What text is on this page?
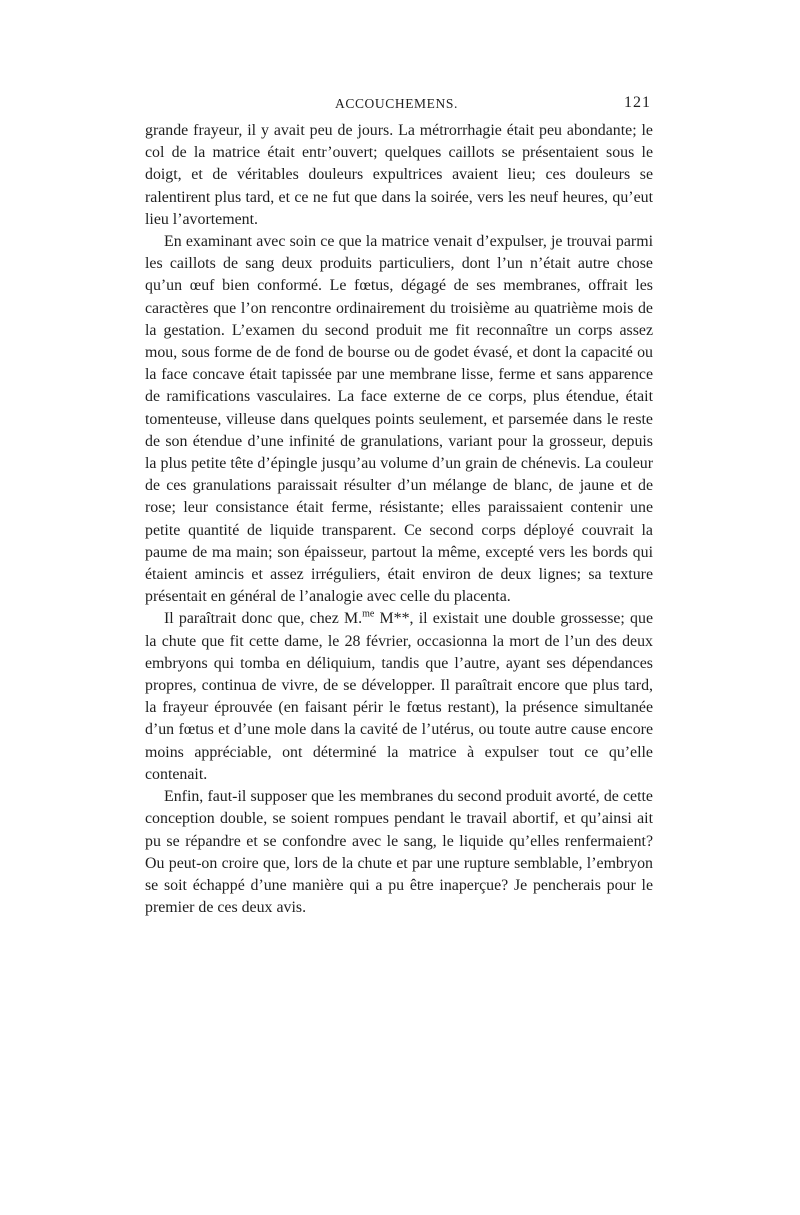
ACCOUCHEMENS.	121

grande frayeur, il y avait peu de jours. La métrorrhagie était peu abondante; le col de la matrice était entr’ouvert; quelques caillots se présentaient sous le doigt, et de véritables douleurs expultrices avaient lieu; ces douleurs se ralentirent plus tard, et ce ne fut que dans la soirée, vers les neuf heures, qu’eut lieu l’avortement.

En examinant avec soin ce que la matrice venait d’expulser, je trouvai parmi les caillots de sang deux produits particuliers, dont l’un n’était autre chose qu’un œuf bien conformé. Le fœtus, dégagé de ses membranes, offrait les caractères que l’on rencontre ordinairement du troisième au quatrième mois de la gestation. L’examen du second produit me fit reconnaître un corps assez mou, sous forme de de fond de bourse ou de godet évasé, et dont la capacité ou la face concave était tapissée par une membrane lisse, ferme et sans apparence de ramifications vasculaires. La face externe de ce corps, plus étendue, était tomenteuse, villeuse dans quelques points seulement, et parsemée dans le reste de son étendue d’une infinité de granulations, variant pour la grosseur, depuis la plus petite tête d’épingle jusqu’au volume d’un grain de chénevis. La couleur de ces granulations paraissait résulter d’un mélange de blanc, de jaune et de rose; leur consistance était ferme, résistante; elles paraissaient contenir une petite quantité de liquide transparent. Ce second corps déployé couvrait la paume de ma main; son épaisseur, partout la même, excepté vers les bords qui étaient amincis et assez irréguliers, était environ de deux lignes; sa texture présentait en général de l’analogie avec celle du placenta.

Il paraîtrait donc que, chez M.$^{me}$ M**, il existait une double grossesse; que la chute que fit cette dame, le 28 février, occasionna la mort de l’un des deux embryons qui tomba en déliquium, tandis que l’autre, ayant ses dépendances propres, continua de vivre, de se développer. Il paraîtrait encore que plus tard, la frayeur éprouvée (en faisant périr le fœtus restant), la présence simultanée d’un fœtus et d’une mole dans la cavité de l’utérus, ou toute autre cause encore moins appréciable, ont déterminé la matrice à expulser tout ce qu’elle contenait.

Enfin, faut-il supposer que les membranes du second produit avorté, de cette conception double, se soient rompues pendant le travail abortif, et qu’ainsi ait pu se répandre et se confondre avec le sang, le liquide qu’elles renfermaient? Ou peut-on croire que, lors de la chute et par une rupture semblable, l’embryon se soit échappé d’une manière qui a pu être inaperçue? Je pencherais pour le premier de ces deux avis.
